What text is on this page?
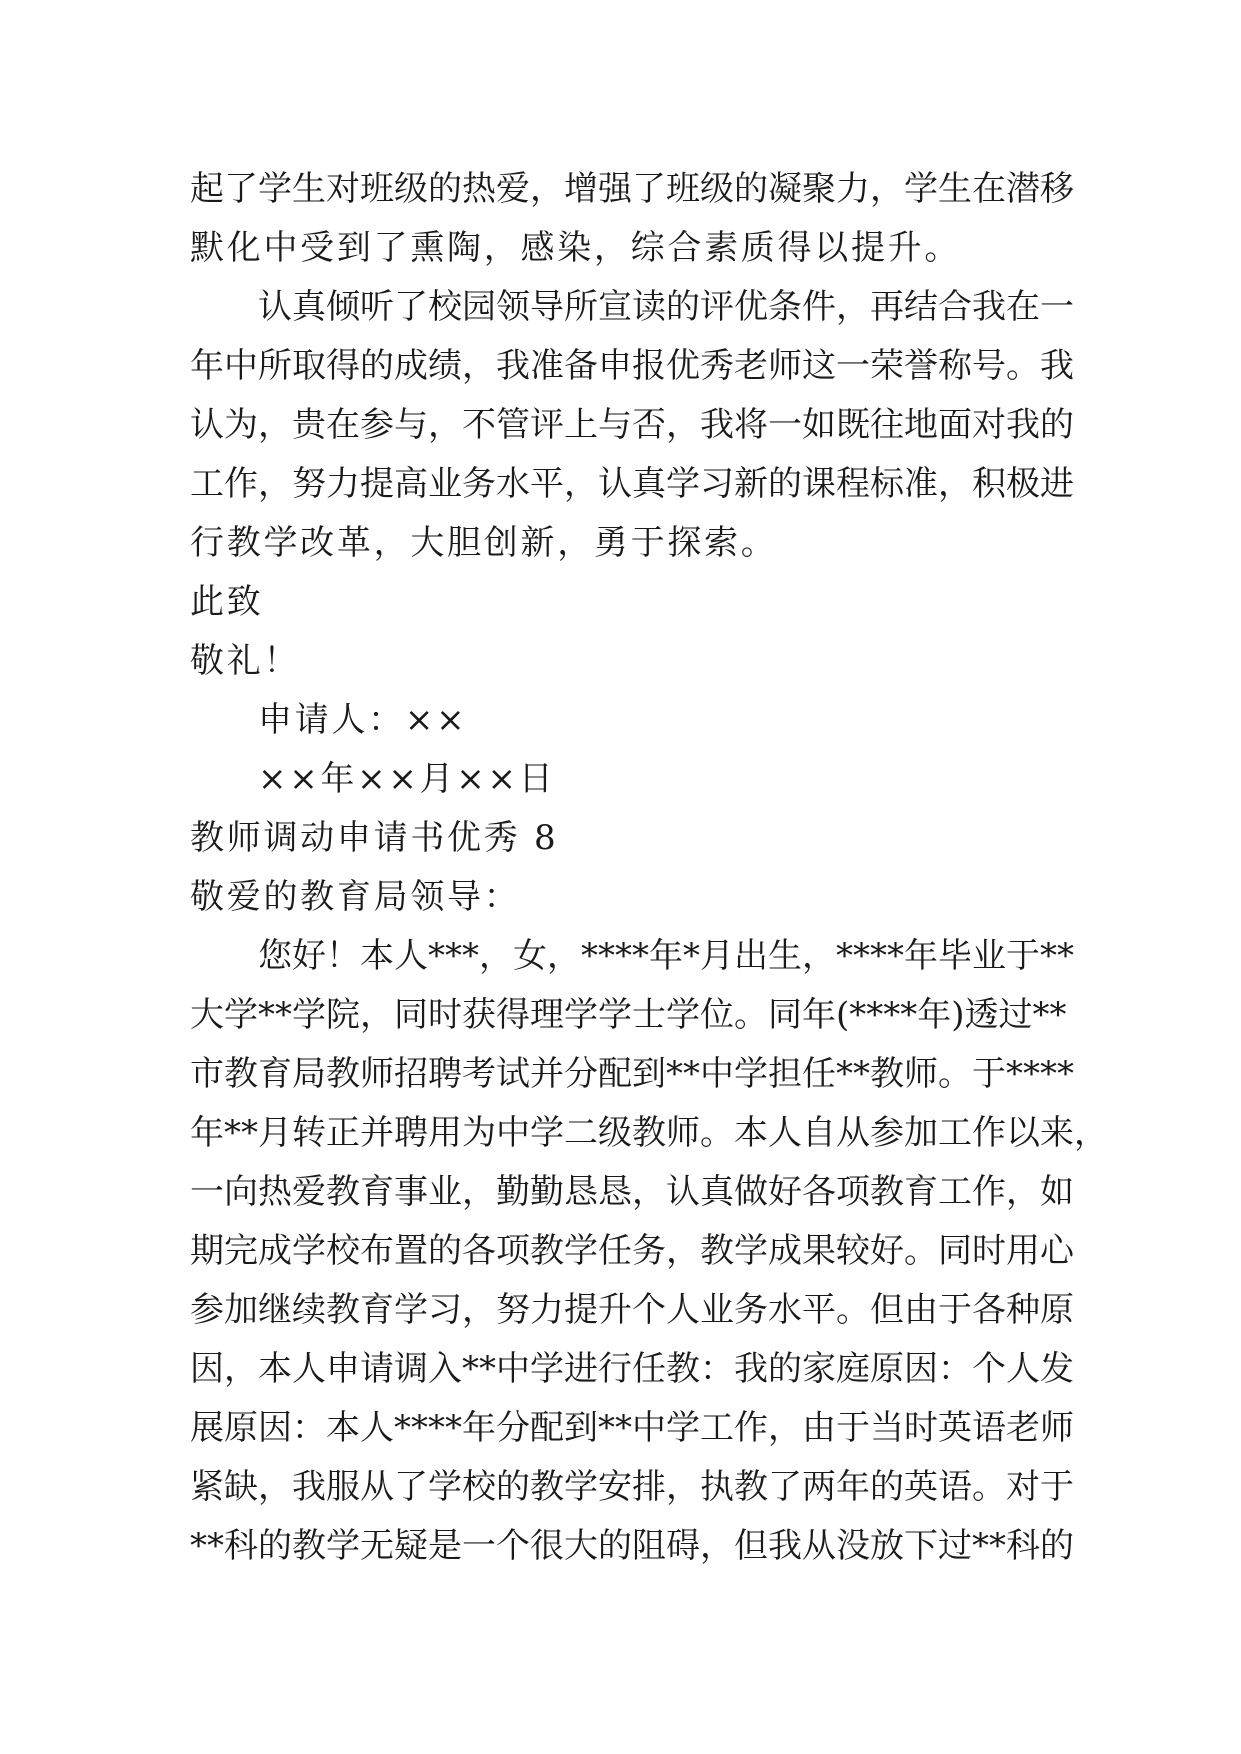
起了学生对班级的热爱，增强了班级的凝聚力，学生在潜移
默化中受到了熏陶，感染，综合素质得以提升。
认真倾听了校园领导所宣读的评优条件，再结合我在一
年中所取得的成绩，我准备申报优秀老师这一荣誉称号。我
认为，贵在参与，不管评上与否，我将一如既往地面对我的
工作，努力提高业务水平，认真学习新的课程标准，积极进
行教学改革，大胆创新，勇于探索。
此致
敬礼！
申请人：××
××年××月××日
教师调动申请书优秀 8
敬爱的教育局领导：
您好！本人***，女，****年*月出生，****年毕业于**
大学**学院，同时获得理学学士学位。同年(****年)透过**
市教育局教师招聘考试并分配到**中学担任**教师。于****
年**月转正并聘用为中学二级教师。本人自从参加工作以来，
一向热爱教育事业，勤勤恳恳，认真做好各项教育工作，如
期完成学校布置的各项教学任务，教学成果较好。同时用心
参加继续教育学习，努力提升个人业务水平。但由于各种原
因，本人申请调入**中学进行任教：我的家庭原因：个人发
展原因：本人****年分配到**中学工作，由于当时英语老师
紧缺，我服从了学校的教学安排，执教了两年的英语。对于
**科的教学无疑是一个很大的阻碍，但我从没放下过**科的
